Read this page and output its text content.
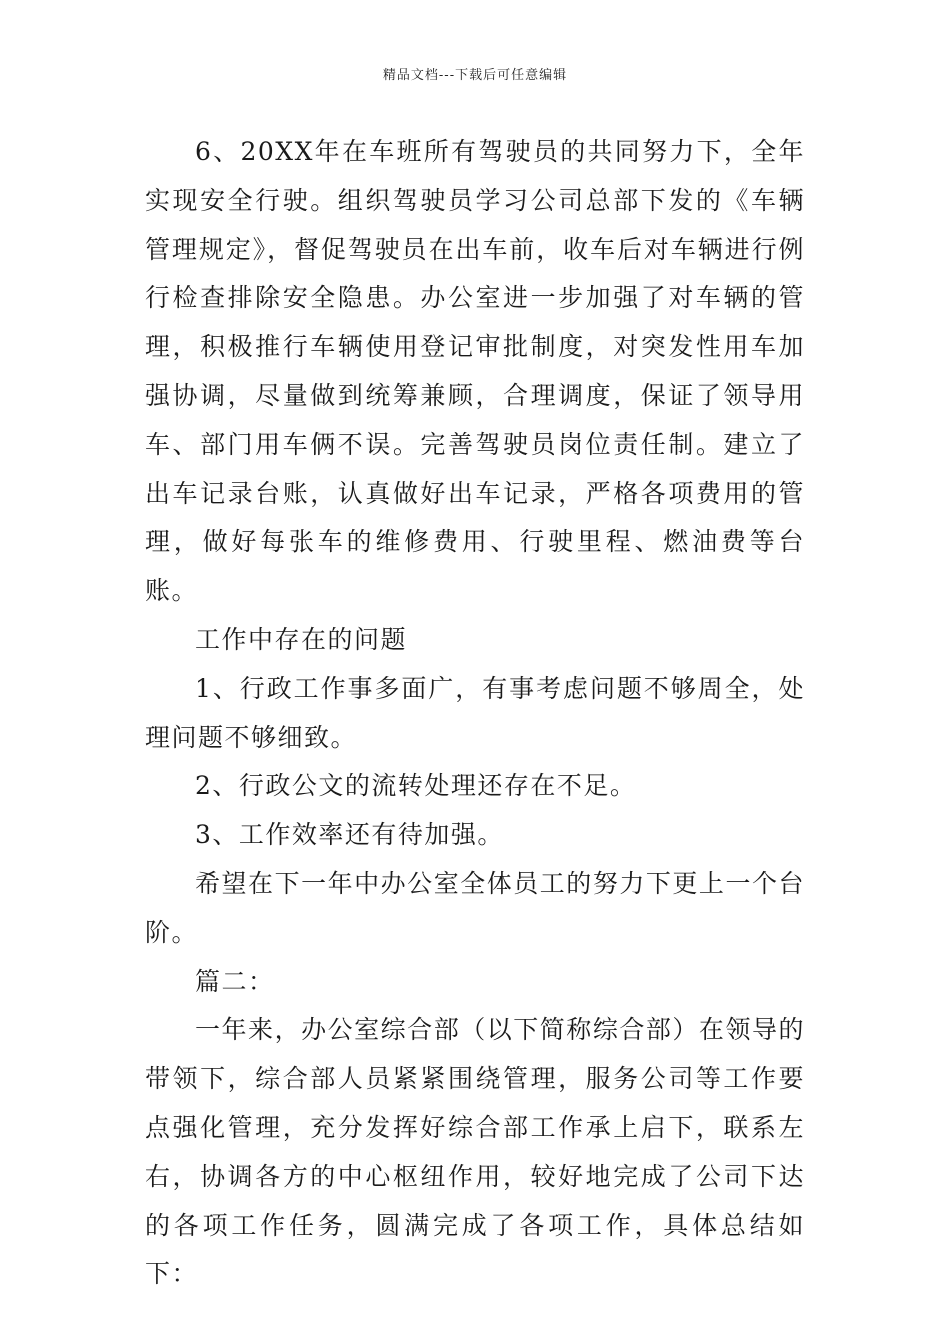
精品文档---下载后可任意编辑

6、20XX年在车班所有驾驶员的共同努力下，全年实现安全行驶。组织驾驶员学习公司总部下发的《车辆管理规定》，督促驾驶员在出车前，收车后对车辆进行例行检查排除安全隐患。办公室进一步加强了对车辆的管理，积极推行车辆使用登记审批制度，对突发性用车加强协调，尽量做到统筹兼顾，合理调度，保证了领导用车、部门用车俩不误。完善驾驶员岗位责任制。建立了出车记录台账，认真做好出车记录，严格各项费用的管理，做好每张车的维修费用、行驶里程、燃油费等台账。

工作中存在的问题

1、行政工作事多面广，有事考虑问题不够周全，处理问题不够细致。

2、行政公文的流转处理还存在不足。

3、工作效率还有待加强。

希望在下一年中办公室全体员工的努力下更上一个台阶。

篇二：

一年来，办公室综合部（以下简称综合部）在领导的带领下，综合部人员紧紧围绕管理，服务公司等工作要点强化管理，充分发挥好综合部工作承上启下，联系左右，协调各方的中心枢纽作用，较好地完成了公司下达的各项工作任务，圆满完成了各项工作，具体总结如下：
